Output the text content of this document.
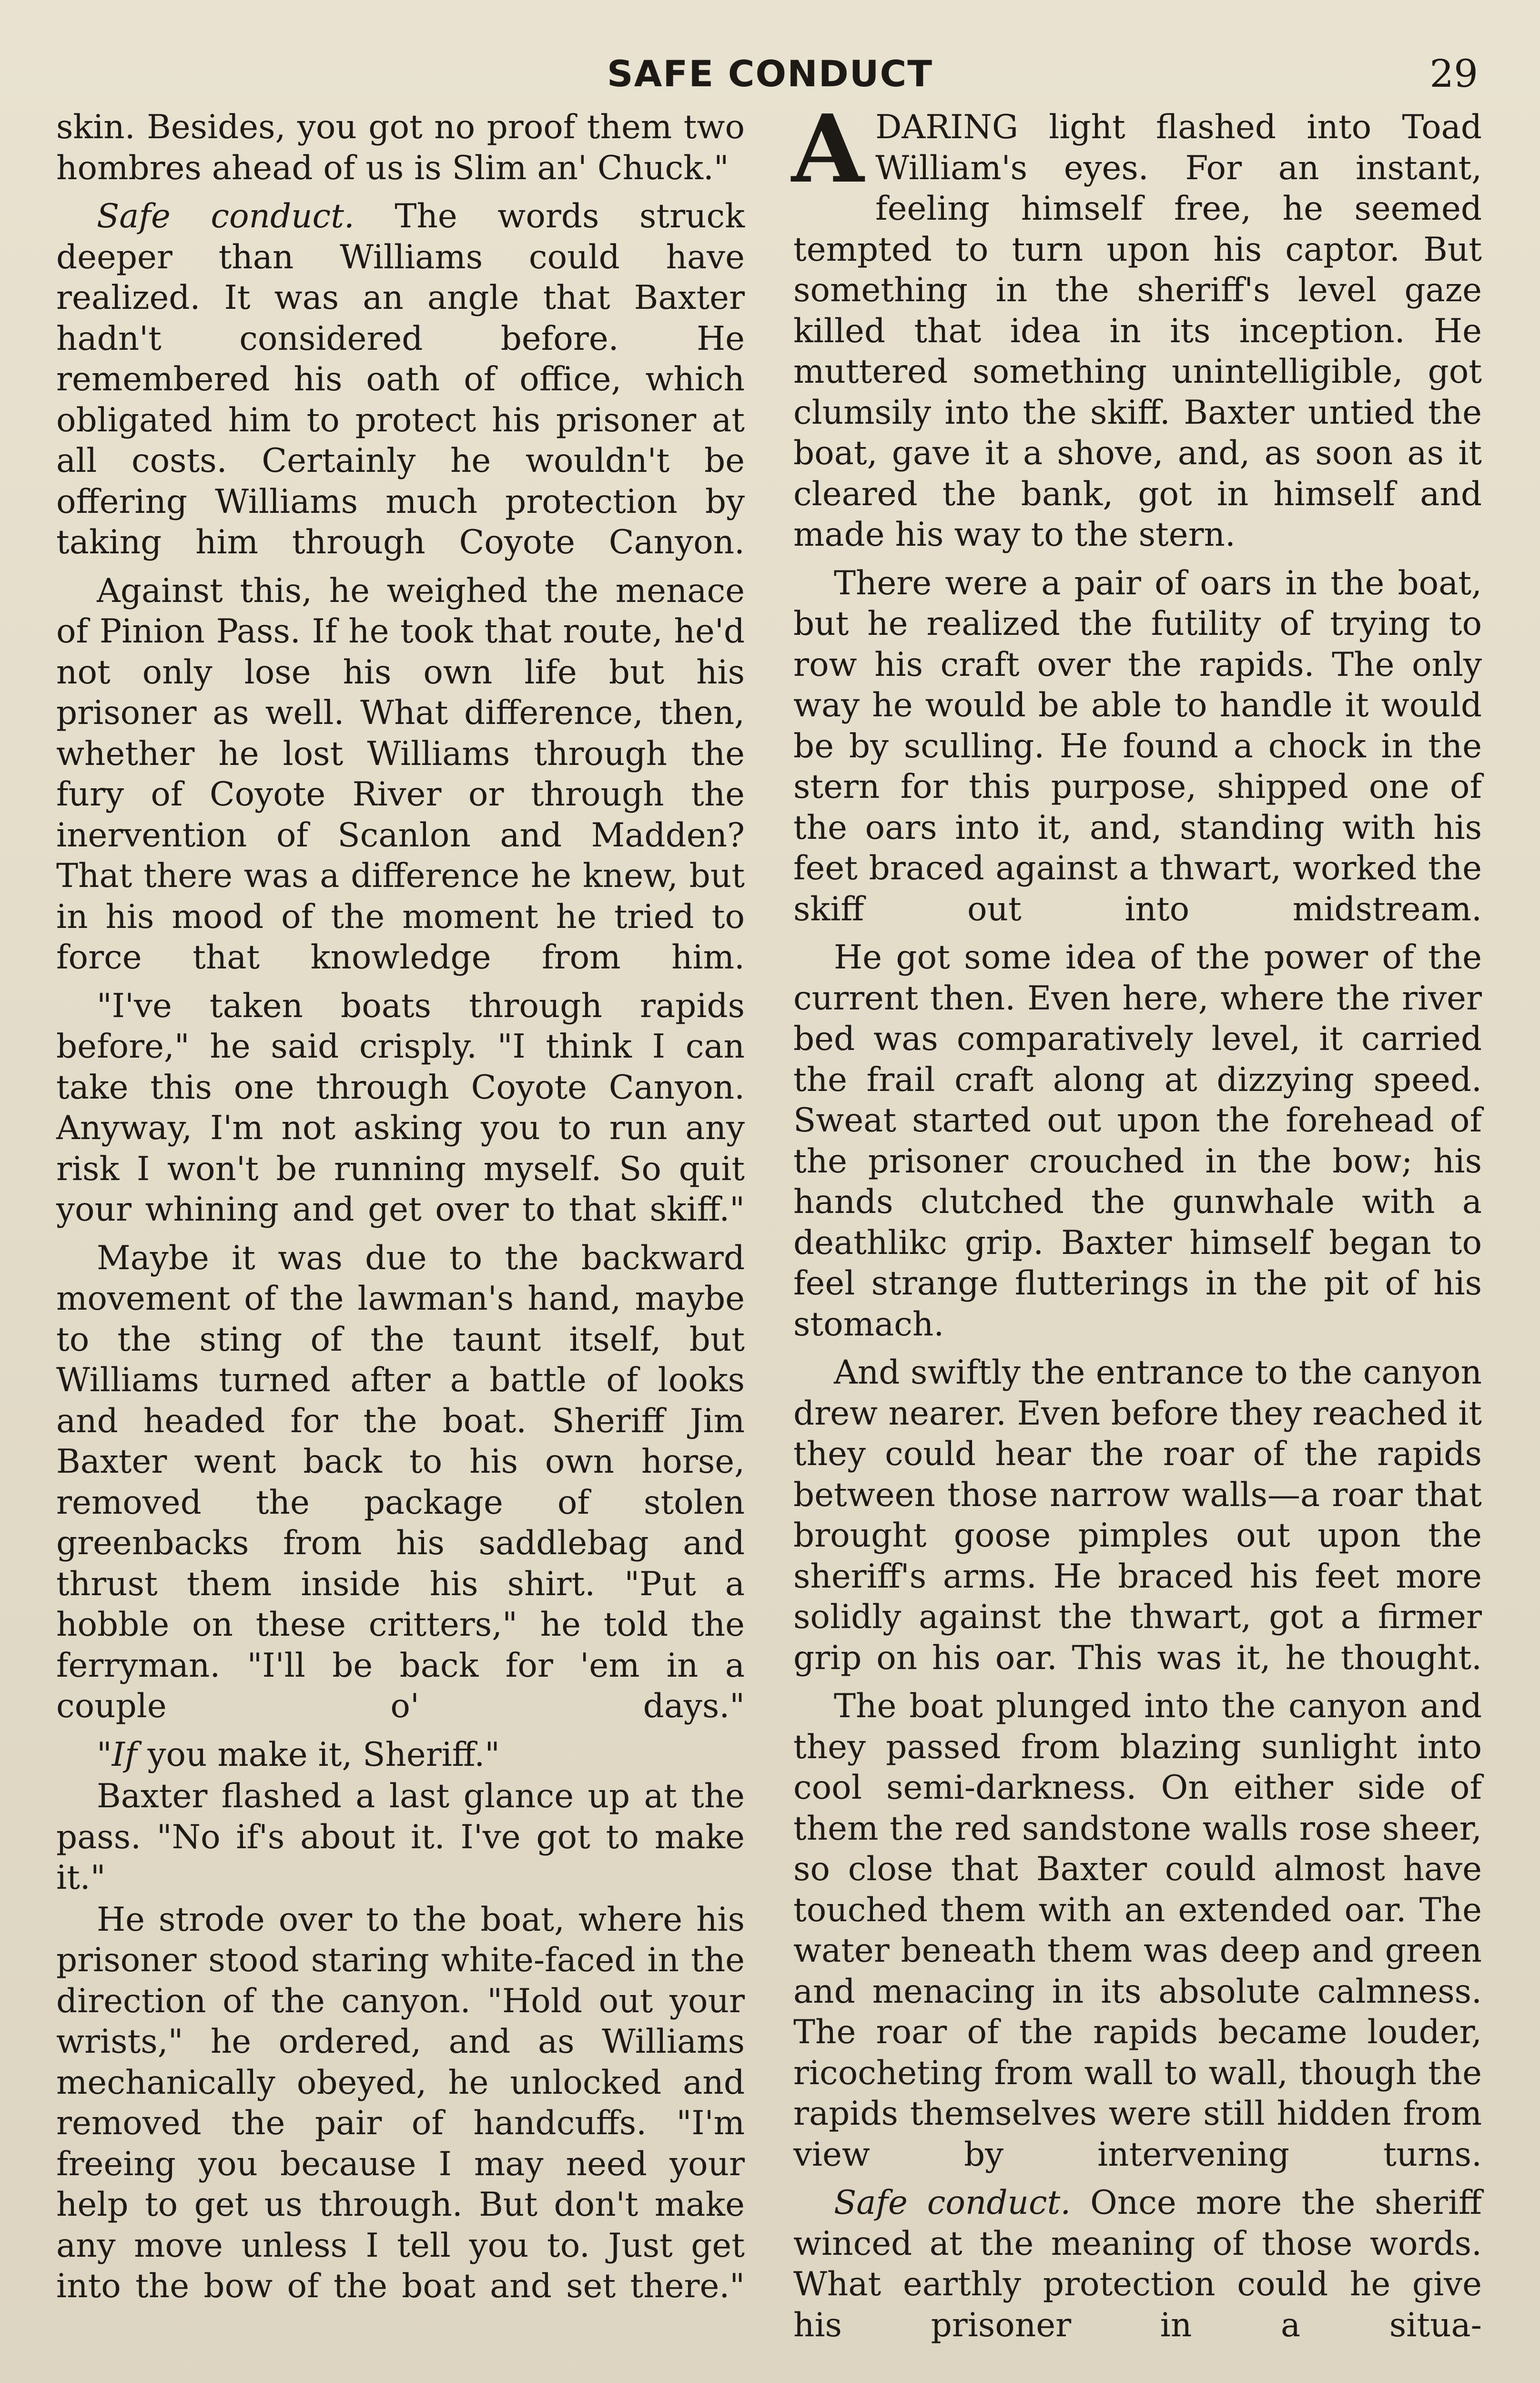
SAFE CONDUCT	29

skin. Besides, you got no proof them two hombres ahead of us is Slim an' Chuck."

Safe conduct. The words struck deeper than Williams could have realized. It was an angle that Baxter hadn't considered before. He remembered his oath of office, which obligated him to protect his prisoner at all costs. Certainly he wouldn't be offering Williams much protection by taking him through Coyote Canyon.

Against this, he weighed the menace of Pinion Pass. If he took that route, he'd not only lose his own life but his prisoner as well. What difference, then, whether he lost Williams through the fury of Coyote River or through the inervention of Scanlon and Madden? That there was a difference he knew, but in his mood of the moment he tried to force that knowledge from him.

"I've taken boats through rapids before," he said crisply. "I think I can take this one through Coyote Canyon. Anyway, I'm not asking you to run any risk I won't be running myself. So quit your whining and get over to that skiff."

Maybe it was due to the backward movement of the lawman's hand, maybe to the sting of the taunt itself, but Williams turned after a battle of looks and headed for the boat. Sheriff Jim Baxter went back to his own horse, removed the package of stolen greenbacks from his saddlebag and thrust them inside his shirt. "Put a hobble on these critters," he told the ferryman. "I'll be back for 'em in a couple o' days."

"If you make it, Sheriff."

Baxter flashed a last glance up at the pass. "No if's about it. I've got to make it."

He strode over to the boat, where his prisoner stood staring white-faced in the direction of the canyon. "Hold out your wrists," he ordered, and as Williams mechanically obeyed, he unlocked and removed the pair of handcuffs. "I'm freeing you because I may need your help to get us through. But don't make any move unless I tell you to. Just get into the bow of the boat and set there."

A DARING light flashed into Toad William's eyes. For an instant, feeling himself free, he seemed tempted to turn upon his captor. But something in the sheriff's level gaze killed that idea in its inception. He muttered something unintelligible, got clumsily into the skiff. Baxter untied the boat, gave it a shove, and, as soon as it cleared the bank, got in himself and made his way to the stern.

There were a pair of oars in the boat, but he realized the futility of trying to row his craft over the rapids. The only way he would be able to handle it would be by sculling. He found a chock in the stern for this purpose, shipped one of the oars into it, and, standing with his feet braced against a thwart, worked the skiff out into midstream.

He got some idea of the power of the current then. Even here, where the river bed was comparatively level, it carried the frail craft along at dizzying speed. Sweat started out upon the forehead of the prisoner crouched in the bow; his hands clutched the gunwhale with a deathlikc grip. Baxter himself began to feel strange flutterings in the pit of his stomach.

And swiftly the entrance to the canyon drew nearer. Even before they reached it they could hear the roar of the rapids between those narrow walls—a roar that brought goose pimples out upon the sheriff's arms. He braced his feet more solidly against the thwart, got a firmer grip on his oar. This was it, he thought.

The boat plunged into the canyon and they passed from blazing sunlight into cool semi-darkness. On either side of them the red sandstone walls rose sheer, so close that Baxter could almost have touched them with an extended oar. The water beneath them was deep and green and menacing in its absolute calmness. The roar of the rapids became louder, ricocheting from wall to wall, though the rapids themselves were still hidden from view by intervening turns.

Safe conduct. Once more the sheriff winced at the meaning of those words. What earthly protection could he give his prisoner in a situa-
